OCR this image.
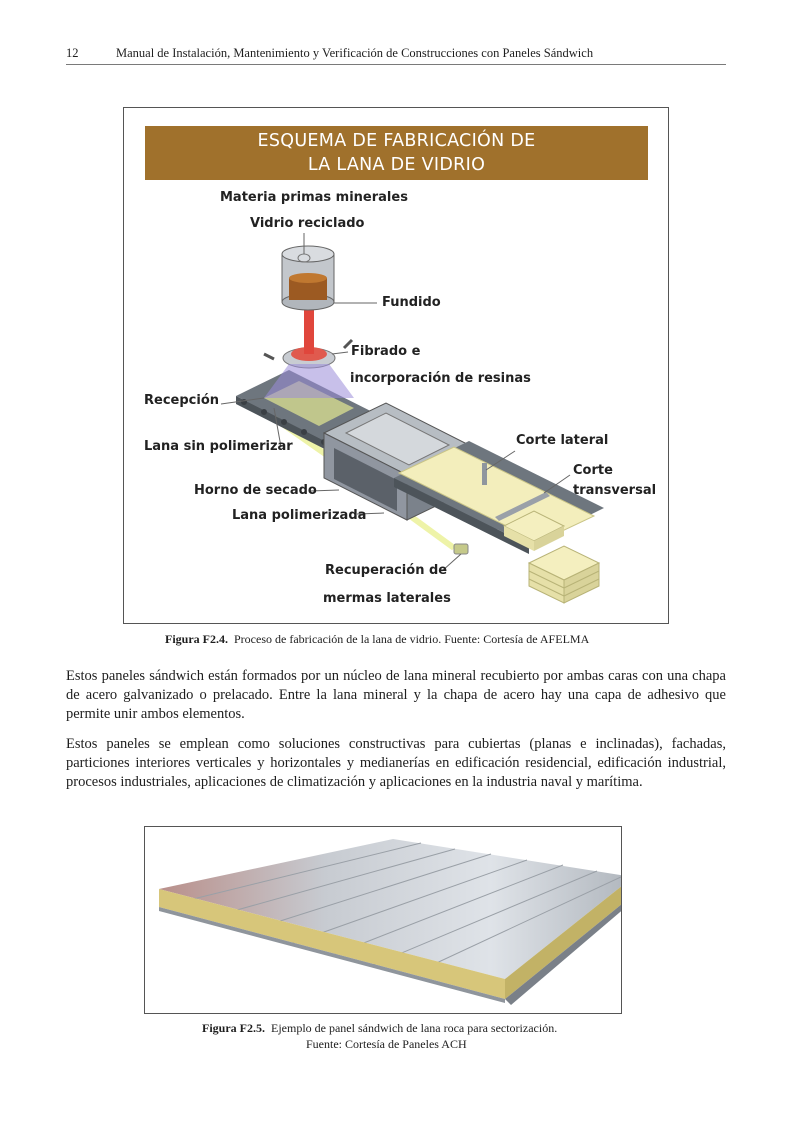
12	Manual de Instalación, Mantenimiento y Verificación de Construcciones con Paneles Sándwich
ESQUEMA DE FABRICACIÓN DE
LA LANA DE VIDRIO
Materia primas minerales
Vidrio reciclado
Fundido
Fibrado e
incorporación de resinas
Recepción
Lana sin polimerizar
Horno de secado
Lana polimerizada
Corte lateral
Corte
transversal
Recuperación de
mermas laterales
Figura F2.4. Proceso de fabricación de la lana de vidrio. Fuente: Cortesía de AFELMA

Estos paneles sándwich están formados por un núcleo de lana mineral recubierto por ambas caras con una chapa de acero galvanizado o prelacado. Entre la lana mineral y la chapa de acero hay una capa de adhesivo que permite unir ambos elementos.

Estos paneles se emplean como soluciones constructivas para cubiertas (planas e inclinadas), fachadas, particiones interiores verticales y horizontales y medianerías en edificación residencial, edificación industrial, procesos industriales, aplicaciones de climatización y aplicaciones en la industria naval y marítima.

Figura F2.5. Ejemplo de panel sándwich de lana roca para sectorización.
Fuente: Cortesía de Paneles ACH
